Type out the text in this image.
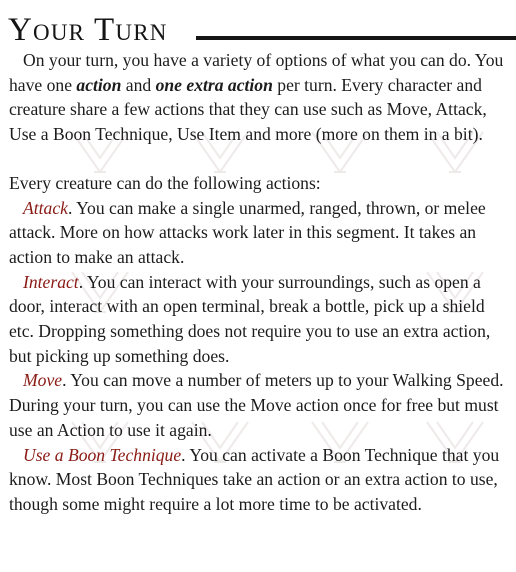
Your Turn

On your turn, you have a variety of options of what you can do. You have one action and one extra action per turn. Every character and creature share a few actions that they can use such as Move, Attack, Use a Boon Technique, Use Item and more (more on them in a bit).

Every creature can do the following actions:

Attack. You can make a single unarmed, ranged, thrown, or melee attack. More on how attacks work later in this segment. It takes an action to make an attack.

Interact. You can interact with your surroundings, such as open a door, interact with an open terminal, break a bottle, pick up a shield etc. Dropping something does not require you to use an extra action, but picking up something does.

Move. You can move a number of meters up to your Walking Speed. During your turn, you can use the Move action once for free but must use an Action to use it again.

Use a Boon Technique. You can activate a Boon Technique that you know. Most Boon Techniques take an action or an extra action to use, though some might require a lot more time to be activated.
